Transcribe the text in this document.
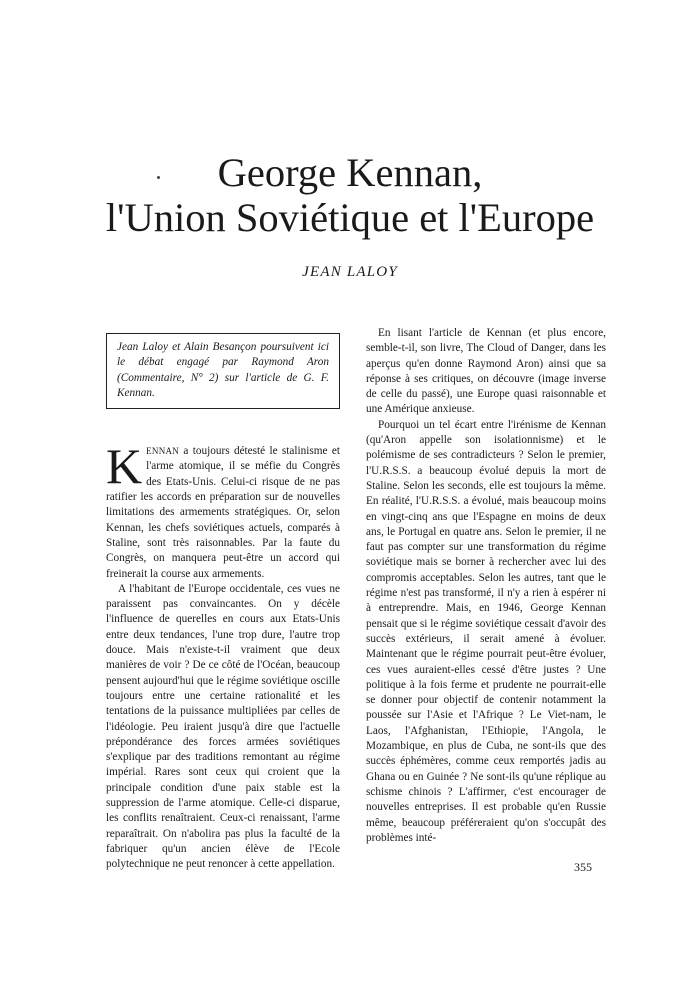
George Kennan,
l'Union Soviétique et l'Europe
JEAN LALOY
Jean Laloy et Alain Besançon poursuivent ici le débat engagé par Raymond Aron (Commentaire, N° 2) sur l'article de G. F. Kennan.

KENNAN a toujours détesté le stalinisme et l'arme atomique, il se méfie du Congrès des Etats-Unis. Celui-ci risque de ne pas ratifier les accords en préparation sur de nouvelles limitations des armements stratégiques. Or, selon Kennan, les chefs soviétiques actuels, comparés à Staline, sont très raisonnables. Par la faute du Congrès, on manquera peut-être un accord qui freinerait la course aux armements.

A l'habitant de l'Europe occidentale, ces vues ne paraissent pas convaincantes. On y décèle l'influence de querelles en cours aux Etats-Unis entre deux tendances, l'une trop dure, l'autre trop douce. Mais n'existe-t-il vraiment que deux manières de voir ? De ce côté de l'Océan, beaucoup pensent aujourd'hui que le régime soviétique oscille toujours entre une certaine rationalité et les tentations de la puissance multipliées par celles de l'idéologie. Peu iraient jusqu'à dire que l'actuelle prépondérance des forces armées soviétiques s'explique par des traditions remontant au régime impérial. Rares sont ceux qui croient que la principale condition d'une paix stable est la suppression de l'arme atomique. Celle-ci disparue, les conflits renaîtraient. Ceux-ci renaissant, l'arme reparaîtrait. On n'abolira pas plus la faculté de la fabriquer qu'un ancien élève de l'Ecole polytechnique ne peut renoncer à cette appellation.

En lisant l'article de Kennan (et plus encore, semble-t-il, son livre, The Cloud of Danger, dans les aperçus qu'en donne Raymond Aron) ainsi que sa réponse à ses critiques, on découvre (image inverse de celle du passé), une Europe quasi raisonnable et une Amérique anxieuse.

Pourquoi un tel écart entre l'irénisme de Kennan (qu'Aron appelle son isolationnisme) et le polémisme de ses contradicteurs ? Selon le premier, l'U.R.S.S. a beaucoup évolué depuis la mort de Staline. Selon les seconds, elle est toujours la même. En réalité, l'U.R.S.S. a évolué, mais beaucoup moins en vingt-cinq ans que l'Espagne en moins de deux ans, le Portugal en quatre ans. Selon le premier, il ne faut pas compter sur une transformation du régime soviétique mais se borner à rechercher avec lui des compromis acceptables. Selon les autres, tant que le régime n'est pas transformé, il n'y a rien à espérer ni à entreprendre. Mais, en 1946, George Kennan pensait que si le régime soviétique cessait d'avoir des succès extérieurs, il serait amené à évoluer. Maintenant que le régime pourrait peut-être évoluer, ces vues auraient-elles cessé d'être justes ? Une politique à la fois ferme et prudente ne pourrait-elle se donner pour objectif de contenir notamment la poussée sur l'Asie et l'Afrique ? Le Viet-nam, le Laos, l'Afghanistan, l'Ethiopie, l'Angola, le Mozambique, en plus de Cuba, ne sont-ils que des succès éphémères, comme ceux remportés jadis au Ghana ou en Guinée ? Ne sont-ils qu'une réplique au schisme chinois ? L'affirmer, c'est encourager de nouvelles entreprises. Il est probable qu'en Russie même, beaucoup préféreraient qu'on s'occupât des problèmes inté-

355
